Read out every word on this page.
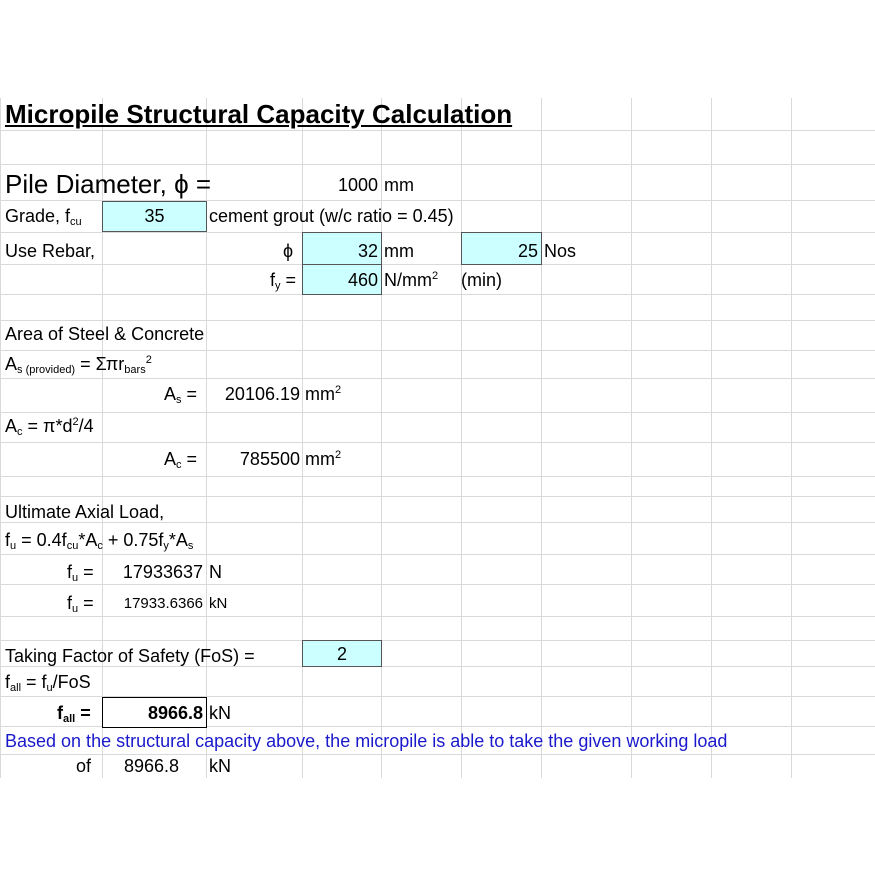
Micropile Structural Capacity Calculation
Pile Diameter, ϕ =	1000 mm
Grade, $f_{cu}$	35	cement grout (w/c ratio = 0.45)
Use Rebar,	ϕ	32 mm	25 Nos
$f_y$ =	460 $N/mm^2$ (min)
Area of Steel & Concrete
$A_{s (provided)} = \Sigma\pi r_{bars}^2$
$A_s$ =	20106.19 $mm^2$
$A_c = \pi*d^2/4$
$A_c$ =	785500 $mm^2$
Ultimate Axial Load,
$f_u = 0.4f_{cu}*A_c + 0.75f_y*A_s$
$f_u$ =	17933637 N
$f_u$ =	17933.6366 kN
Taking Factor of Safety (FoS) =	2
$f_{all} = f_u/FoS$
$f_{all}$ =	8966.8 kN
Based on the structural capacity above, the micropile is able to take the given working load
of 8966.8 kN
